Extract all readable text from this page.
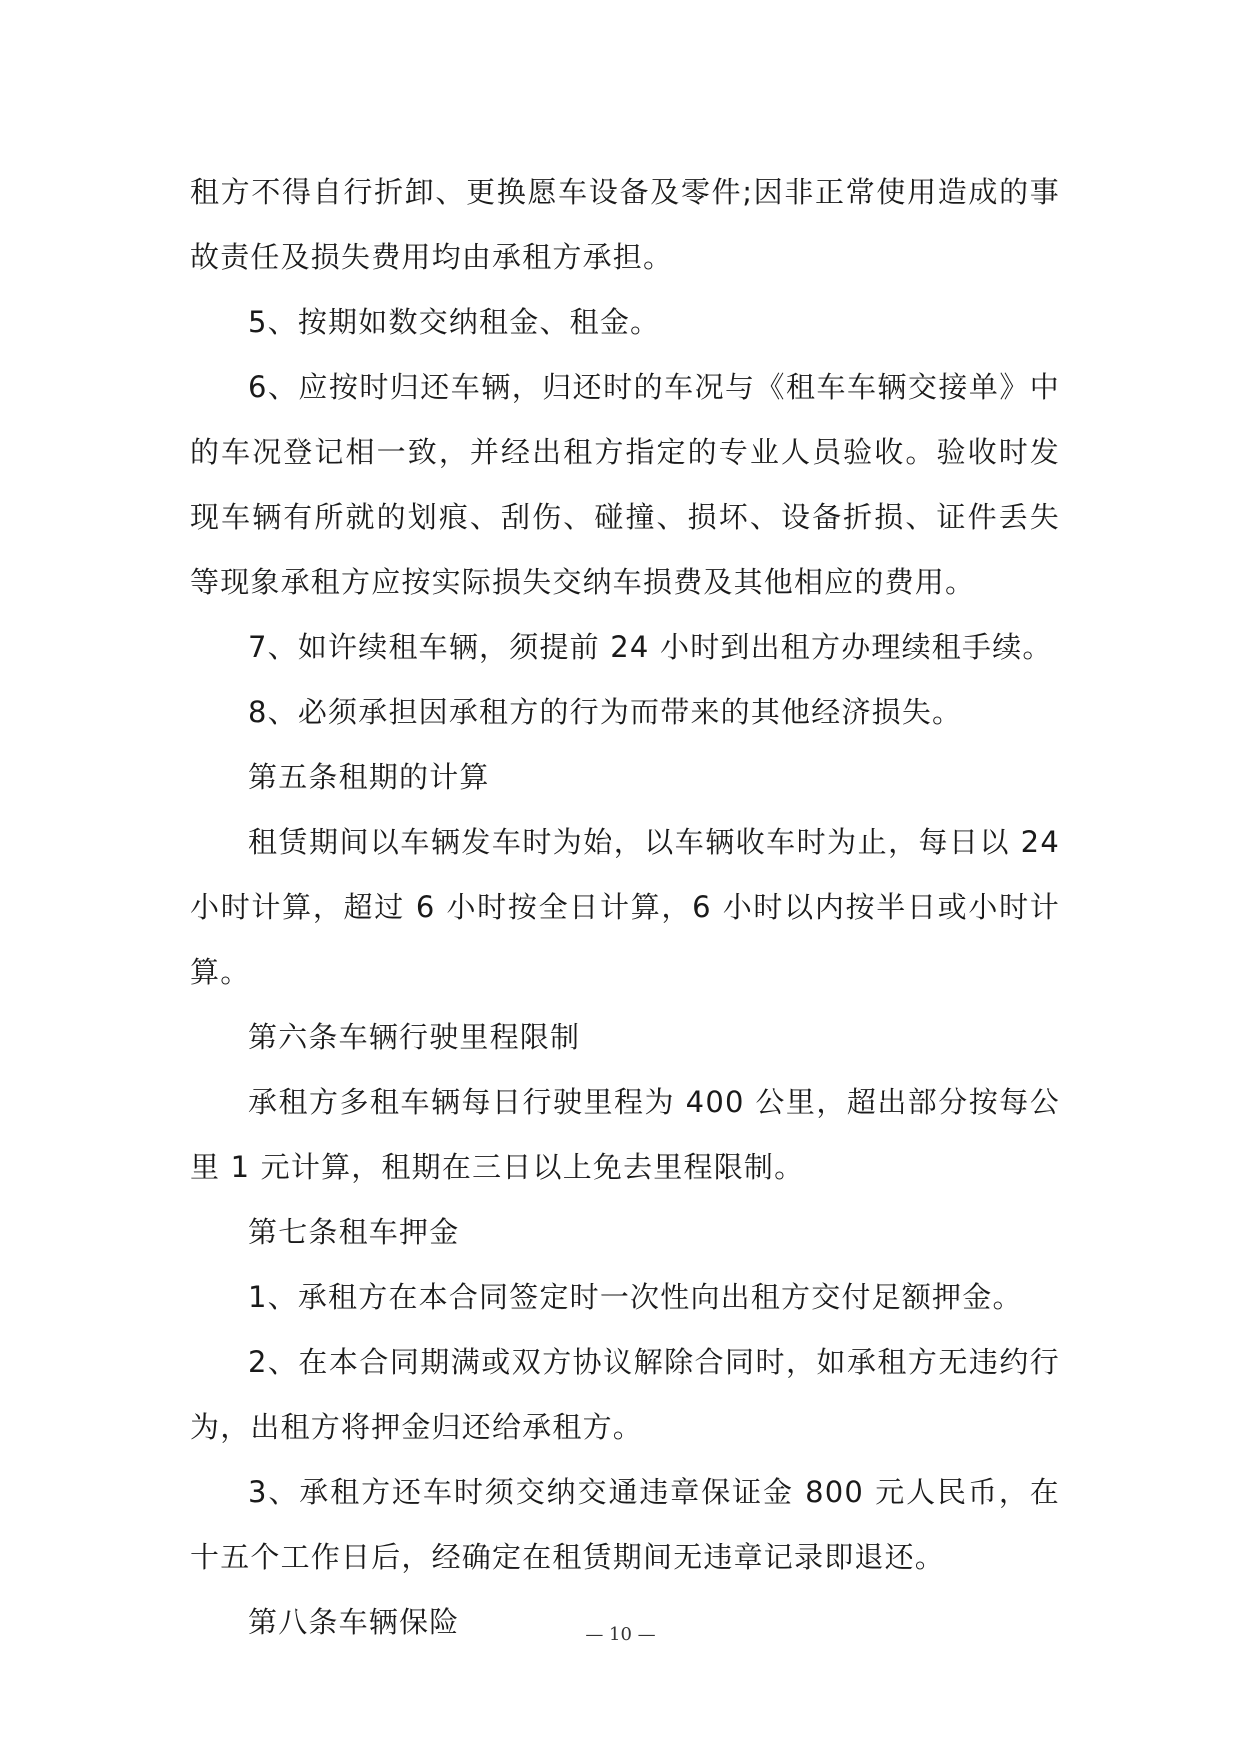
租方不得自行折卸、更换愿车设备及零件;因非正常使用造成的事故责任及损失费用均由承租方承担。

5、按期如数交纳租金、租金。

6、应按时归还车辆，归还时的车况与《租车车辆交接单》中的车况登记相一致，并经出租方指定的专业人员验收。验收时发现车辆有所就的划痕、刮伤、碰撞、损坏、设备折损、证件丢失等现象承租方应按实际损失交纳车损费及其他相应的费用。

7、如许续租车辆，须提前 24 小时到出租方办理续租手续。

8、必须承担因承租方的行为而带来的其他经济损失。

第五条租期的计算

租赁期间以车辆发车时为始，以车辆收车时为止，每日以 24 小时计算，超过 6 小时按全日计算，6 小时以内按半日或小时计算。

第六条车辆行驶里程限制

承租方多租车辆每日行驶里程为 400 公里，超出部分按每公里 1 元计算，租期在三日以上免去里程限制。

第七条租车押金

1、承租方在本合同签定时一次性向出租方交付足额押金。

2、在本合同期满或双方协议解除合同时，如承租方无违约行为，出租方将押金归还给承租方。

3、承租方还车时须交纳交通违章保证金 800 元人民币，在十五个工作日后，经确定在租赁期间无违章记录即退还。

第八条车辆保险	— 10 —
